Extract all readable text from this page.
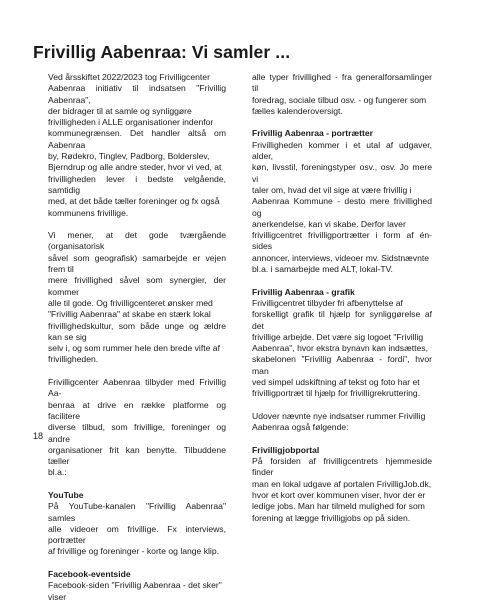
Frivillig Aabenraa: Vi samler ...

Ved årsskiftet 2022/2023 tog Frivilligcenter
Aabenraa initiativ til indsatsen "Frivillig Aabenraa",
der bidrager til at samle og synliggøre
frivilligheden i ALLE organisationer indenfor
kommunegrænsen. Det handler altså om Aabenraa
by, Rødekro, Tinglev, Padborg, Bolderslev,
Bjerndrup og alle andre steder, hvor vi ved, at
frivilligheden lever i bedste velgående, samtidig
med, at det både tæller foreninger og fx også
kommunens frivillige.

Vi mener, at det gode tværgående (organisatorisk
såvel som geografisk) samarbejde er vejen frem til
mere frivillighed såvel som synergier, der kommer
alle til gode. Og frivilligcenteret ønsker med
"Frivillig Aabenraa" at skabe en stærk lokal
frivillighedskultur, som både unge og ældre kan se sig
selv i, og som rummer hele den brede vifte af
frivilligheden.

Frivilligcenter Aabenraa tilbyder med Frivillig Aa-
benraa at drive en række platforme og facilitere
diverse tilbud, som frivillige, foreninger og andre
organisationer frit kan benytte. Tilbuddene tæller
bl.a.:

YouTube

På YouTube-kanalen "Frivillig Aabenraa" samles
alle videoer om frivillige. Fx interviews, portrætter
af frivillige og foreninger - korte og lange klip.

Facebook-eventside

Facebook-siden "Frivillig Aabenraa - det sker"
viser

alle typer frivillighed - fra generalforsamlinger til
foredrag, sociale tilbud osv. - og fungerer som
fælles kalenderoversigt.

Frivillig Aabenraa - portrætter

Frivilligheden kommer i et utal af udgaver, alder,
køn, livsstil, foreningstyper osv., osv. Jo mere vi
taler om, hvad det vil sige at være frivillig i
Aabenraa Kommune - desto mere frivillighed og
anerkendelse, kan vi skabe. Derfor laver
frivilligcentret frivilligportrætter i form af én-sides
annoncer, interviews, videoer mv. Sidstnævnte
bl.a. i samarbejde med ALT, lokal-TV.

Frivillig Aabenraa - grafik

Frivilligcentret tilbyder fri afbenyttelse af
forskelligt grafik til hjælp for synliggørelse af det
frivillige arbejde. Det være sig logoet "Frivillig
Aabenraa", hvor ekstra bynavn kan indsættes,
skabelonen "Frivillig Aabenraa - fordi", hvor man
ved simpel udskiftning af tekst og foto har et
frivilligportræt til hjælp for frivilligrekruttering.

Udover nævnte nye indsatser rummer Frivillig
Aabenraa også følgende:

Frivilligjobportal

På forsiden af frivilligcentrets hjemmeside finder
man en lokal udgave af portalen FrivilligJob.dk,
hvor et kort over kommunen viser, hvor der er
ledige jobs. Man har tilmeld mulighed for som
forening at lægge frivilligjobs op på siden.

18
